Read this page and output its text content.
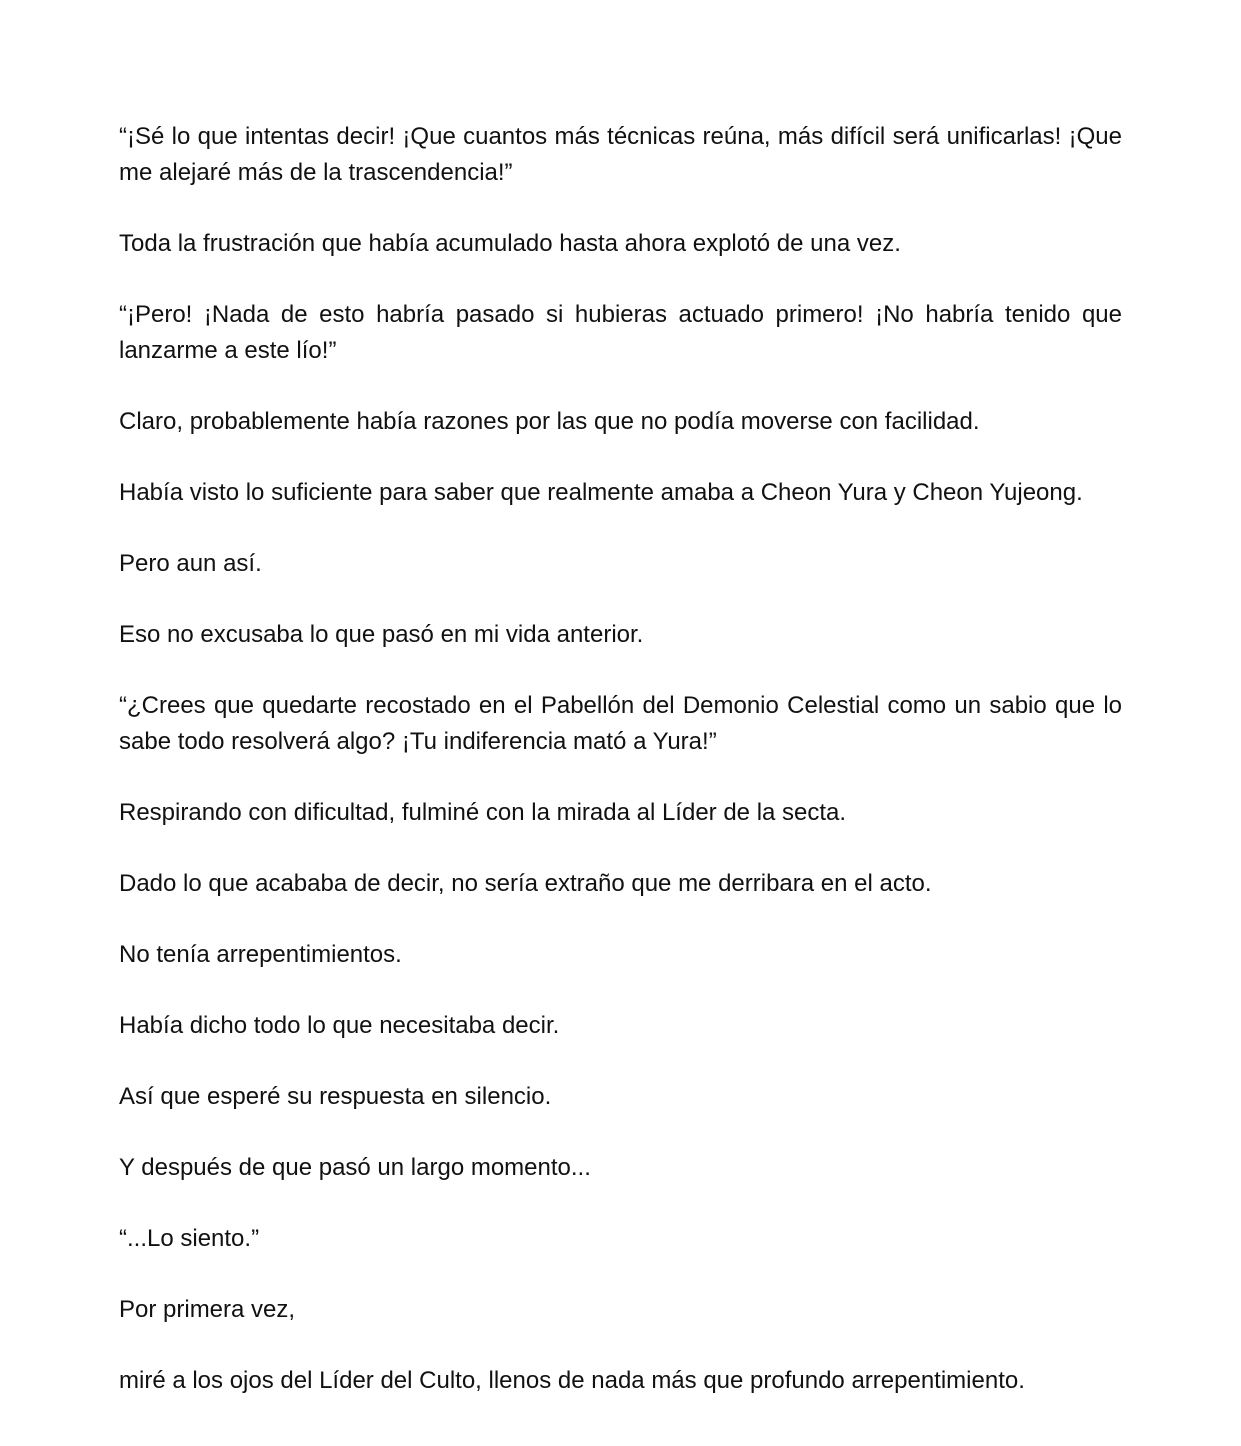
“¡Sé lo que intentas decir! ¡Que cuantos más técnicas reúna, más difícil será unificarlas! ¡Que me alejaré más de la trascendencia!”

Toda la frustración que había acumulado hasta ahora explotó de una vez.

“¡Pero! ¡Nada de esto habría pasado si hubieras actuado primero! ¡No habría tenido que lanzarme a este lío!”

Claro, probablemente había razones por las que no podía moverse con facilidad.

Había visto lo suficiente para saber que realmente amaba a Cheon Yura y Cheon Yujeong.

Pero aun así.

Eso no excusaba lo que pasó en mi vida anterior.

“¿Crees que quedarte recostado en el Pabellón del Demonio Celestial como un sabio que lo sabe todo resolverá algo? ¡Tu indiferencia mató a Yura!”

Respirando con dificultad, fulminé con la mirada al Líder de la secta.

Dado lo que acababa de decir, no sería extraño que me derribara en el acto.

No tenía arrepentimientos.

Había dicho todo lo que necesitaba decir.

Así que esperé su respuesta en silencio.

Y después de que pasó un largo momento...

“...Lo siento.”

Por primera vez,

miré a los ojos del Líder del Culto, llenos de nada más que profundo arrepentimiento.
